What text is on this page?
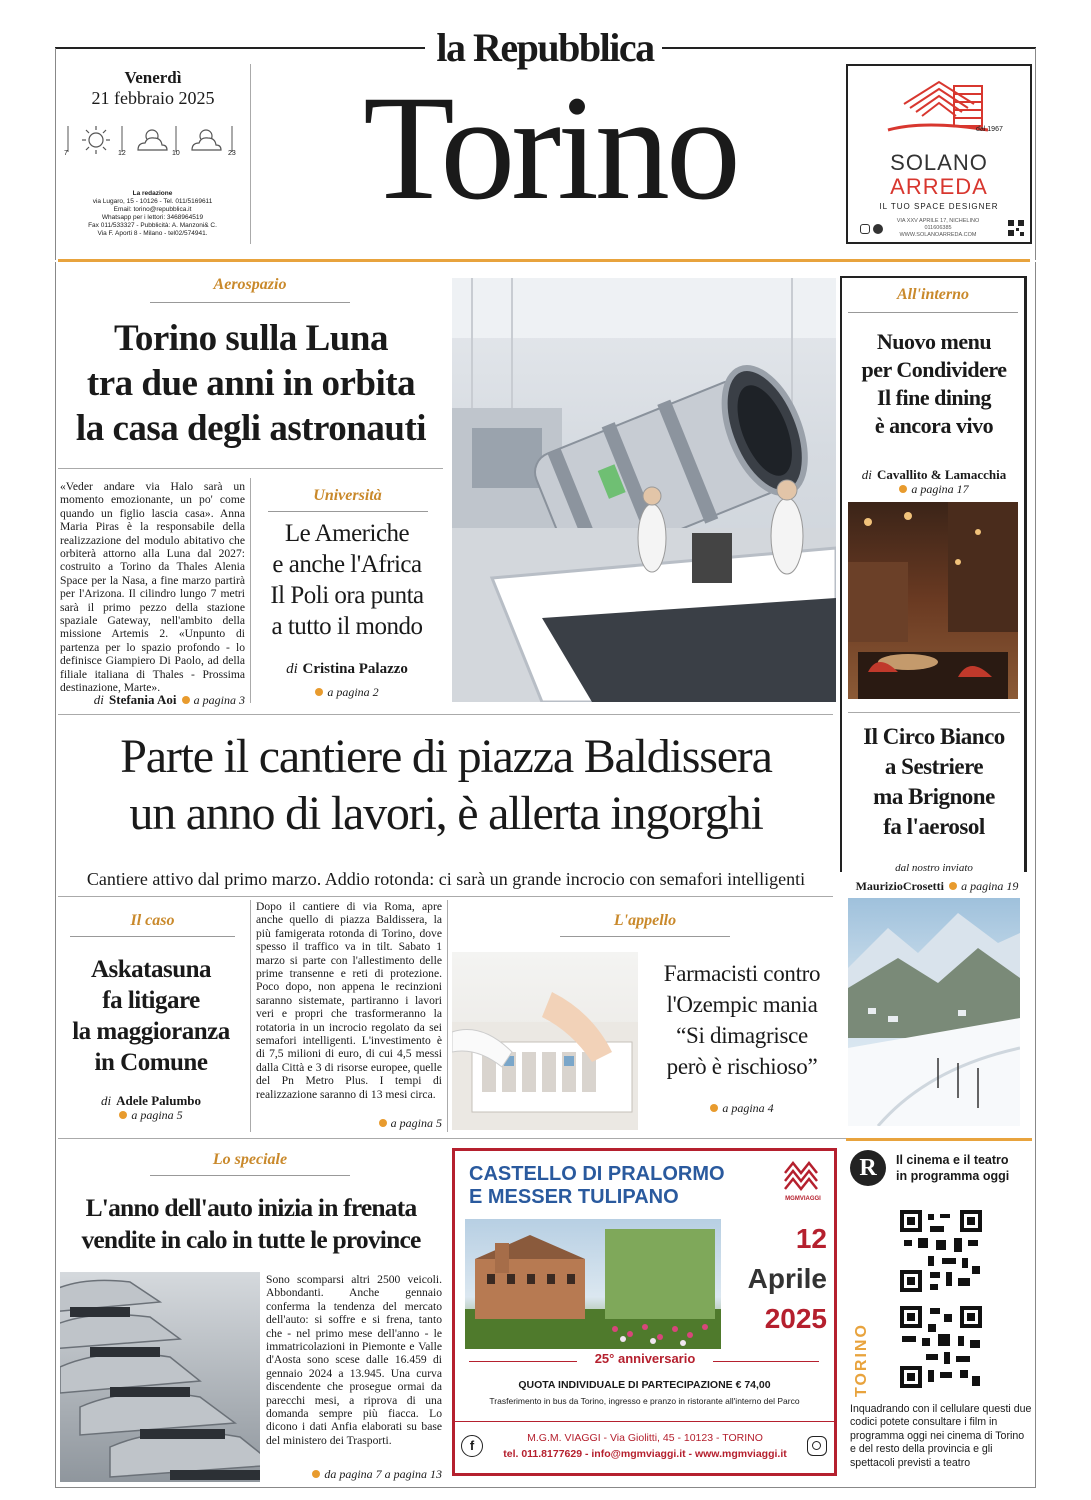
la Repubblica
Torino
Venerdì
21 febbraio 2025
7	12	10	23
La redazione
via Lugaro, 15 - 10126 - Tel. 011/5169611
Email: torino@repubblica.it
Whatsapp per i lettori: 3468964519
Fax 011/533327 - Pubblicità: A. Manzoni& C.
Via F. Aporti 8 - Milano - tel02/574941.
dal 1967
SOLANO
ARREDA
IL TUO SPACE DESIGNER
VIA XXV APRILE 17, NICHELINO
011606385
WWW.SOLANOARREDA.COM
Aerospazio
Torino sulla Luna
tra due anni in orbita
la casa degli astronauti
«Veder andare via Halo sarà un momento emozionante, un po' come quando un figlio lascia casa». Anna Maria Piras è la responsabile della realizzazione del modulo abitativo che orbiterà attorno alla Luna dal 2027: costruito a Torino da Thales Alenia Space per la Nasa, a fine marzo partirà per l'Arizona. Il cilindro lungo 7 metri sarà il primo pezzo della stazione spaziale Gateway, nell'ambito della missione Artemis 2. «Unpunto di partenza per lo spazio profondo - lo definisce Giampiero Di Paolo, ad della filiale italiana di Thales - Prossima destinazione, Marte».
di Stefania Aoi a pagina 3
Università
Le Americhe
e anche l'Africa
Il Poli ora punta
a tutto il mondo
di Cristina Palazzo
a pagina 2
All'interno
Nuovo menu
per Condividere
Il fine dining
è ancora vivo
di Cavallito & Lamacchia
a pagina 17
Il Circo Bianco
a Sestriere
ma Brignone
fa l'aerosol
dal nostro inviato
MaurizioCrosetti a pagina 19
Parte il cantiere di piazza Baldissera
un anno di lavori, è allerta ingorghi
Cantiere attivo dal primo marzo. Addio rotonda: ci sarà un grande incrocio con semafori intelligenti
Il caso
Askatasuna
fa litigare
la maggioranza
in Comune
di Adele Palumbo
a pagina 5
Dopo il cantiere di via Roma, apre anche quello di piazza Baldissera, la più famigerata rotonda di Torino, dove spesso il traffico va in tilt. Sabato 1 marzo si parte con l'allestimento delle prime transenne e reti di protezione. Poco dopo, non appena le recinzioni saranno sistemate, partiranno i lavori veri e propri che trasformeranno la rotatoria in un incrocio regolato da sei semafori intelligenti. L'investimento è di 7,5 milioni di euro, di cui 4,5 messi dalla Città e 3 di risorse europee, quelle del Pn Metro Plus. I tempi di realizzazione saranno di 13 mesi circa.
a pagina 5
L'appello
Farmacisti contro
l'Ozempic mania
“Si dimagrisce
però è rischioso”
a pagina 4
Lo speciale
L'anno dell'auto inizia in frenata
vendite in calo in tutte le province
Sono scomparsi altri 2500 veicoli. Abbondanti. Anche gennaio conferma la tendenza del mercato dell'auto: si soffre e si frena, tanto che - nel primo mese dell'anno - le immatricolazioni in Piemonte e Valle d'Aosta sono scese dalle 16.459 di gennaio 2024 a 13.945. Una curva discendente che prosegue ormai da parecchi mesi, a riprova di una domanda sempre più fiacca. Lo dicono i dati Anfia elaborati su base del ministero dei Trasporti.
da pagina 7 a pagina 13
CASTELLO DI PRALORMO
E MESSER TULIPANO	MGMVIAGGI
12
Aprile
2025
25° anniversario
QUOTA INDIVIDUALE DI PARTECIPAZIONE € 74,00
Trasferimento in bus da Torino, ingresso e pranzo in ristorante all'interno del Parco
f	M.G.M. VIAGGI - Via Giolitti, 45 - 10123 - TORINO
tel. 011.8177629 - info@mgmviaggi.it - www.mgmviaggi.it
R	Il cinema e il teatro
in programma oggi
TORINO
Inquadrando con il cellulare questi due codici potete consultare i film in programma oggi nei cinema di Torino e del resto della provincia e gli spettacoli previsti a teatro
